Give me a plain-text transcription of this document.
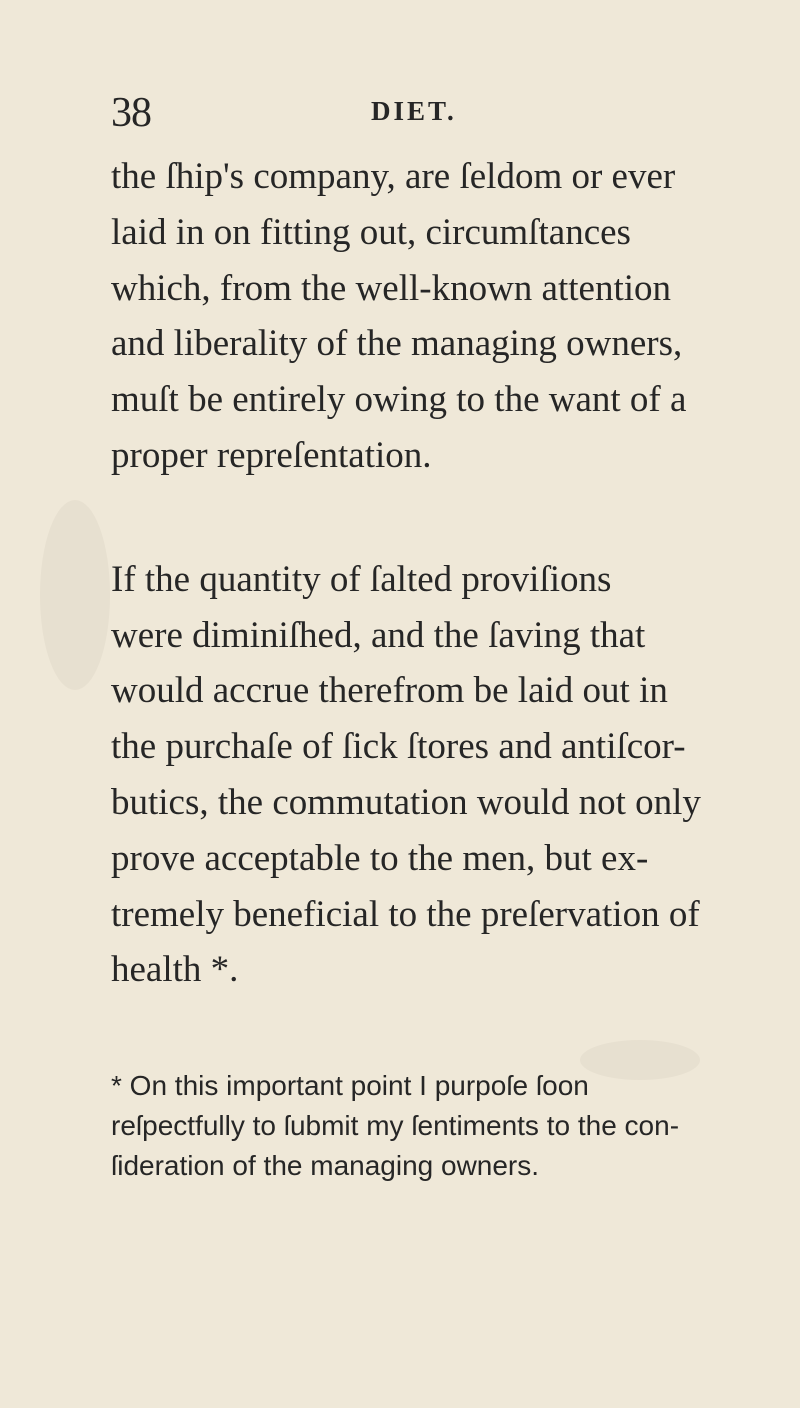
38	DIET.
the ſhip's company, are ſeldom or ever
laid in on fitting out, circumſtances
which, from the well-known attention
and liberality of the managing owners,
muſt be entirely owing to the want of a
proper repreſentation.
If the quantity of ſalted proviſions
were diminiſhed, and the ſaving that
would accrue therefrom be laid out in
the purchaſe of ſick ſtores and antiſcor-
butics, the commutation would not only
prove acceptable to the men, but ex-
tremely beneficial to the preſervation of
health *.
* On this important point I purpoſe ſoon
reſpectfully to ſubmit my ſentiments to the con-
ſideration of the managing owners.
